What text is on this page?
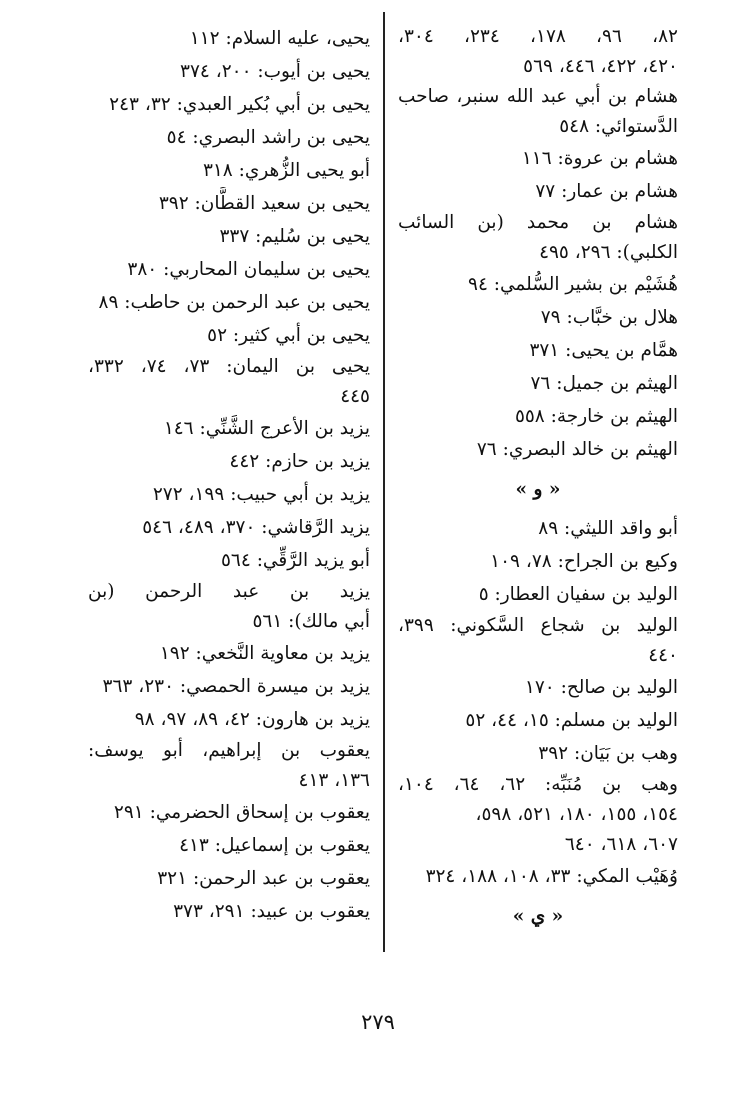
٨٢، ٩٦، ١٧٨، ٢٣٤، ٣٠٤،
٤٢٠، ٤٢٢، ٤٤٦، ٥٦٩
هشام بن أبي عبد الله سنبر، صاحب
الدَّستوائي: ٥٤٨
هشام بن عروة: ١١٦
هشام بن عمار: ٧٧
هشام بن محمد (بن السائب
الكلبي): ٢٩٦، ٤٩٥
هُشَيْم بن بشير السُّلمي: ٩٤
هلال بن خبَّاب: ٧٩
همَّام بن يحيى: ٣٧١
الهيثم بن جميل: ٧٦
الهيثم بن خارجة: ٥٥٨
الهيثم بن خالد البصري: ٧٦
« و »
أبو واقد الليثي: ٨٩
وكيع بن الجراح: ٧٨، ١٠٩
الوليد بن سفيان العطار: ٥
الوليد بن شجاع السَّكوني: ٣٩٩،
٤٤٠
الوليد بن صالح: ١٧٠
الوليد بن مسلم: ١٥، ٤٤، ٥٢
وهب بن بَيَان: ٣٩٢
وهب بن مُنَبِّه: ٦٢، ٦٤، ١٠٤،
١٥٤، ١٥٥، ١٨٠، ٥٢١، ٥٩٨،
٦٠٧، ٦١٨، ٦٤٠
وُهَيْب المكي: ٣٣، ١٠٨، ١٨٨، ٣٢٤
« ي »
يحيى، عليه السلام: ١١٢
يحيى بن أيوب: ٢٠٠، ٣٧٤
يحيى بن أبي بُكير العبدي: ٣٢، ٢٤٣
يحيى بن راشد البصري: ٥٤
أبو يحيى الزُّهري: ٣١٨
يحيى بن سعيد القطَّان: ٣٩٢
يحيى بن سُليم: ٣٣٧
يحيى بن سليمان المحاربي: ٣٨٠
يحيى بن عبد الرحمن بن حاطب: ٨٩
يحيى بن أبي كثير: ٥٢
يحيى بن اليمان: ٧٣، ٧٤، ٣٣٢،
٤٤٥
يزيد بن الأعرج الشَّنِّي: ١٤٦
يزيد بن حازم: ٤٤٢
يزيد بن أبي حبيب: ١٩٩، ٢٧٢
يزيد الرَّقاشي: ٣٧٠، ٤٨٩، ٥٤٦
أبو يزيد الرَّقِّي: ٥٦٤
يزيد بن عبد الرحمن (بن
أبي مالك): ٥٦١
يزيد بن معاوية النَّخعي: ١٩٢
يزيد بن ميسرة الحمصي: ٢٣٠، ٣٦٣
يزيد بن هارون: ٤٢، ٨٩، ٩٧، ٩٨
يعقوب بن إبراهيم، أبو يوسف:
١٣٦، ٤١٣
يعقوب بن إسحاق الحضرمي: ٢٩١
يعقوب بن إسماعيل: ٤١٣
يعقوب بن عبد الرحمن: ٣٢١
يعقوب بن عبيد: ٢٩١، ٣٧٣
٢٧٩
